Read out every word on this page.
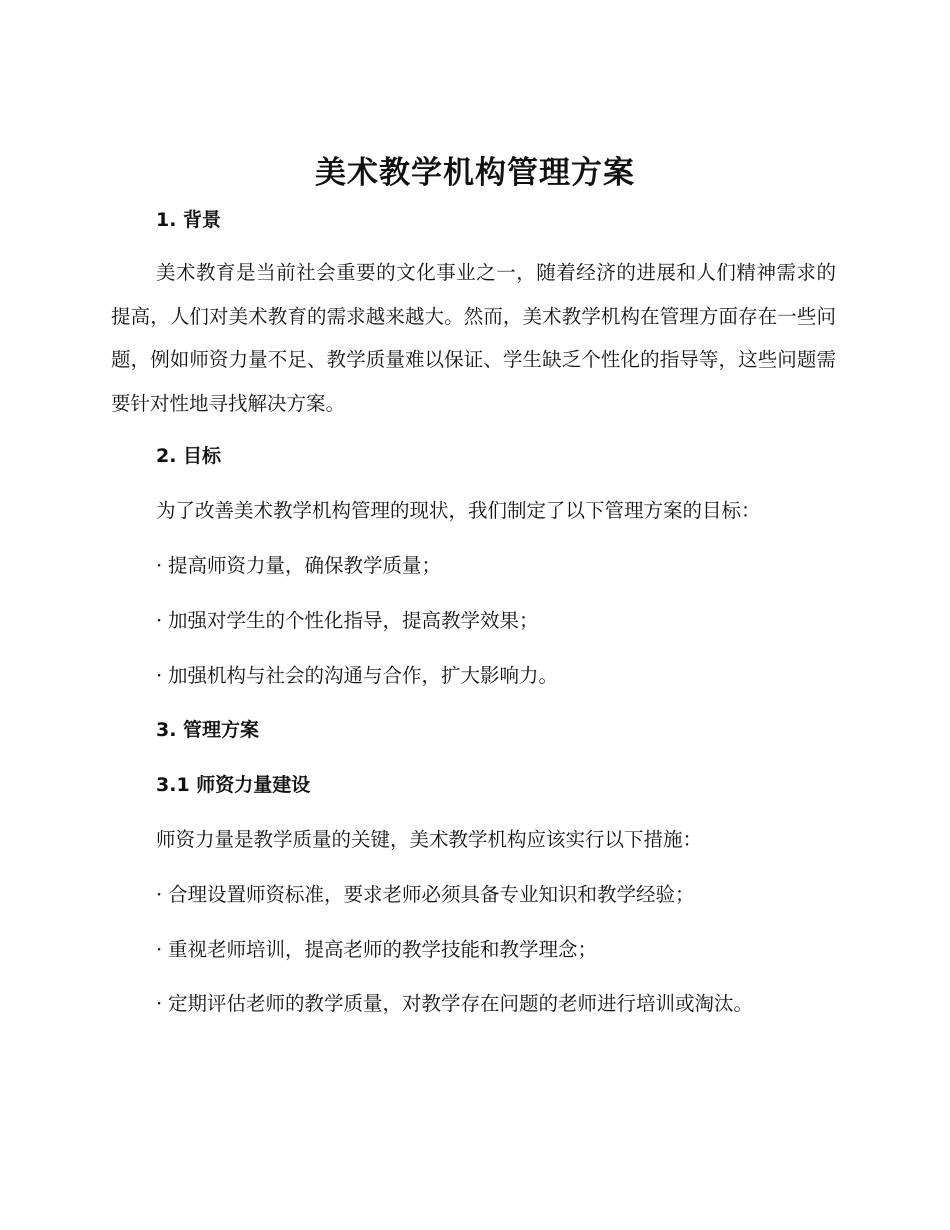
美术教学机构管理方案
1. 背景

美术教育是当前社会重要的文化事业之一，随着经济的进展和人们精神需求的提高，人们对美术教育的需求越来越大。然而，美术教学机构在管理方面存在一些问题，例如师资力量不足、教学质量难以保证、学生缺乏个性化的指导等，这些问题需要针对性地寻找解决方案。

2. 目标

为了改善美术教学机构管理的现状，我们制定了以下管理方案的目标：

· 提高师资力量，确保教学质量；

· 加强对学生的个性化指导，提高教学效果；

· 加强机构与社会的沟通与合作，扩大影响力。

3. 管理方案
3.1 师资力量建设

师资力量是教学质量的关键，美术教学机构应该实行以下措施：

· 合理设置师资标准，要求老师必须具备专业知识和教学经验；

· 重视老师培训，提高老师的教学技能和教学理念；

· 定期评估老师的教学质量，对教学存在问题的老师进行培训或淘汰。
